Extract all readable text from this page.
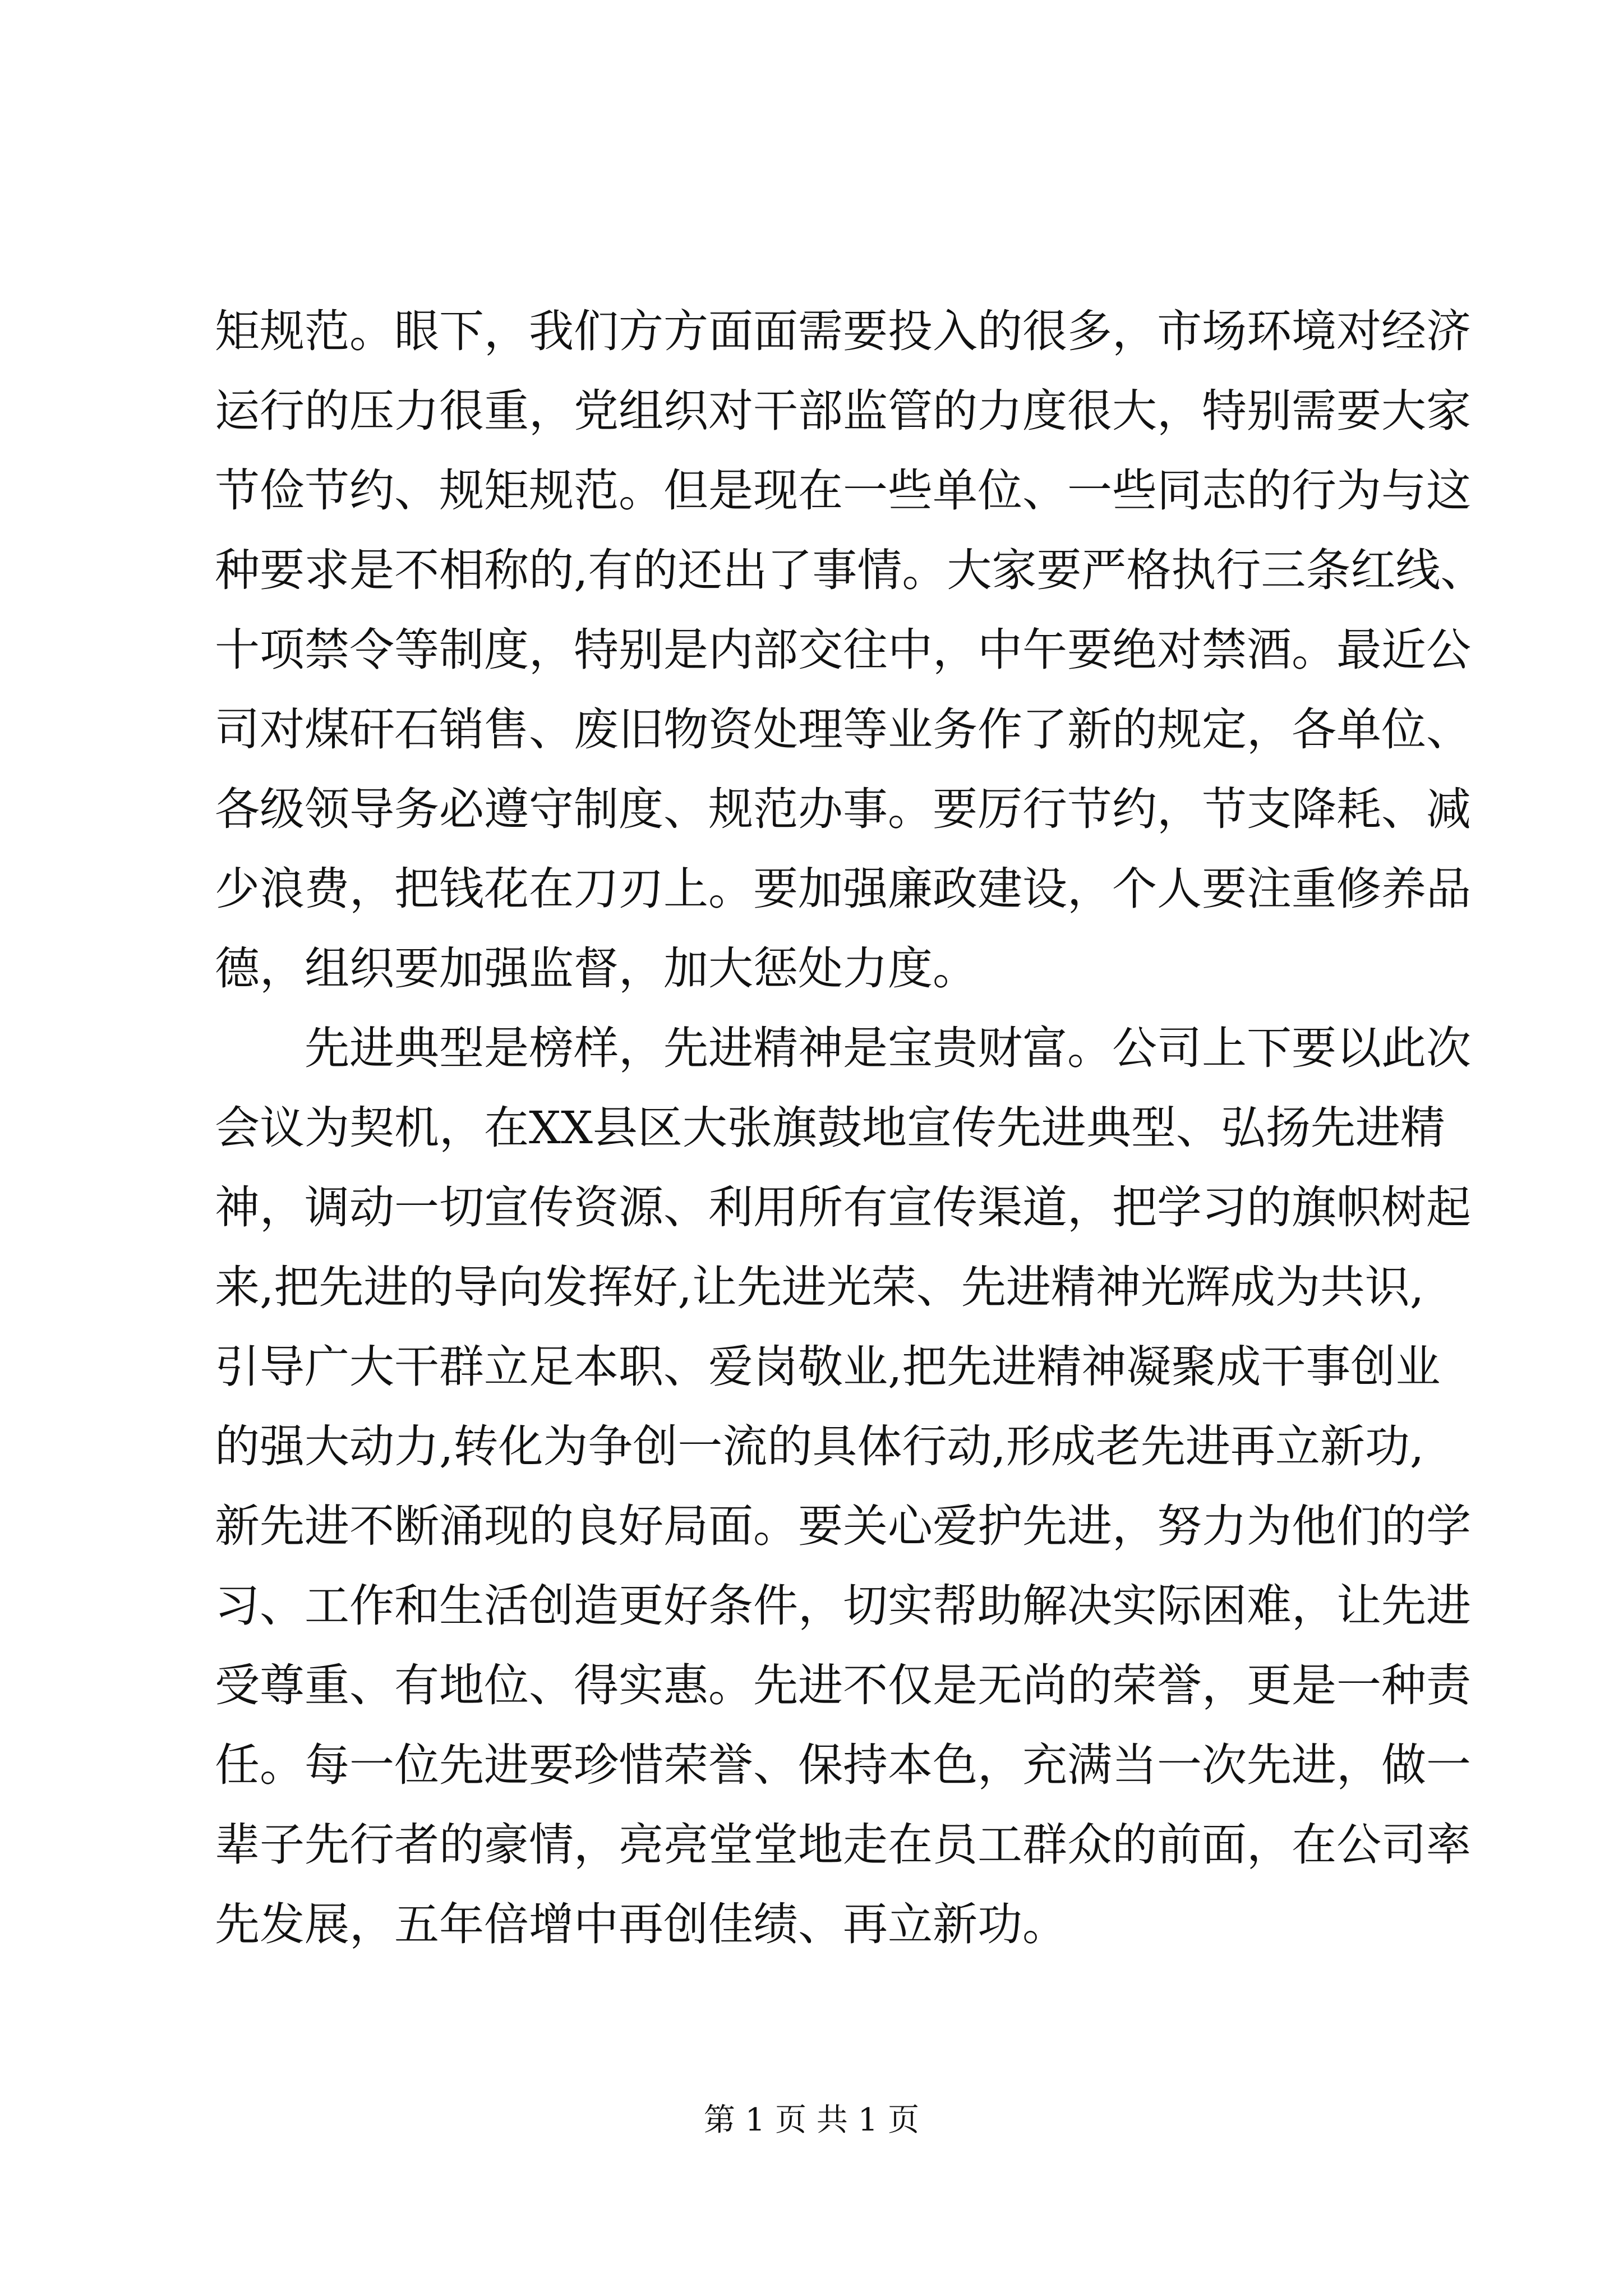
矩规范。眼下，我们方方面面需要投入的很多，市场环境对经济
运行的压力很重，党组织对干部监管的力度很大，特别需要大家
节俭节约、规矩规范。但是现在一些单位、一些同志的行为与这
种要求是不相称的,有的还出了事情。大家要严格执行三条红线、
十项禁令等制度，特别是内部交往中，中午要绝对禁酒。最近公
司对煤矸石销售、废旧物资处理等业务作了新的规定，各单位、
各级领导务必遵守制度、规范办事。要厉行节约，节支降耗、减
少浪费，把钱花在刀刃上。要加强廉政建设，个人要注重修养品
德，组织要加强监督，加大惩处力度。
先进典型是榜样，先进精神是宝贵财富。公司上下要以此次
会议为契机，在XX县区大张旗鼓地宣传先进典型、弘扬先进精
神，调动一切宣传资源、利用所有宣传渠道，把学习的旗帜树起
来,把先进的导向发挥好,让先进光荣、先进精神光辉成为共识,
引导广大干群立足本职、爱岗敬业,把先进精神凝聚成干事创业
的强大动力,转化为争创一流的具体行动,形成老先进再立新功,
新先进不断涌现的良好局面。要关心爱护先进，努力为他们的学
习、工作和生活创造更好条件，切实帮助解决实际困难，让先进
受尊重、有地位、得实惠。先进不仅是无尚的荣誉，更是一种责
任。每一位先进要珍惜荣誉、保持本色，充满当一次先进，做一
辈子先行者的豪情，亮亮堂堂地走在员工群众的前面，在公司率
先发展，五年倍增中再创佳绩、再立新功。
第 1 页 共 1 页
